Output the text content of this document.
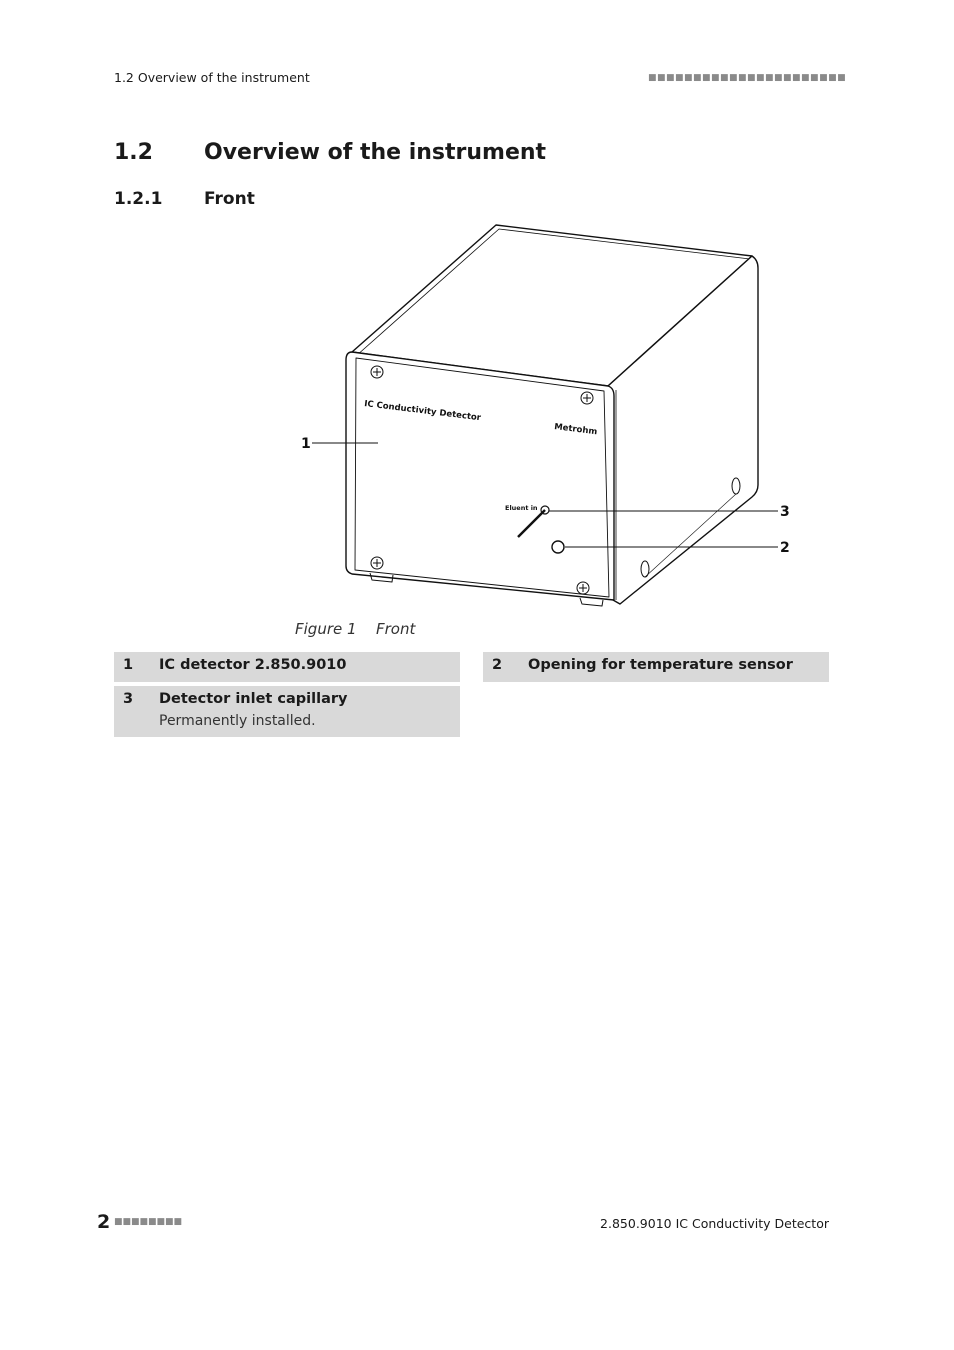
1.2 Overview of the instrument	■■■■■■■■■■■■■■■■■■■■■■
1.2 Overview of the instrument
1.2.1 Front
IC Conductivity Detector
Metrohm
Eluent in
1
3
2
Figure 1 Front
1 IC detector 2.850.9010	2 Opening for temperature sensor
3 Detector inlet capillary
Permanently installed.
2 ■■■■■■■■	2.850.9010 IC Conductivity Detector
